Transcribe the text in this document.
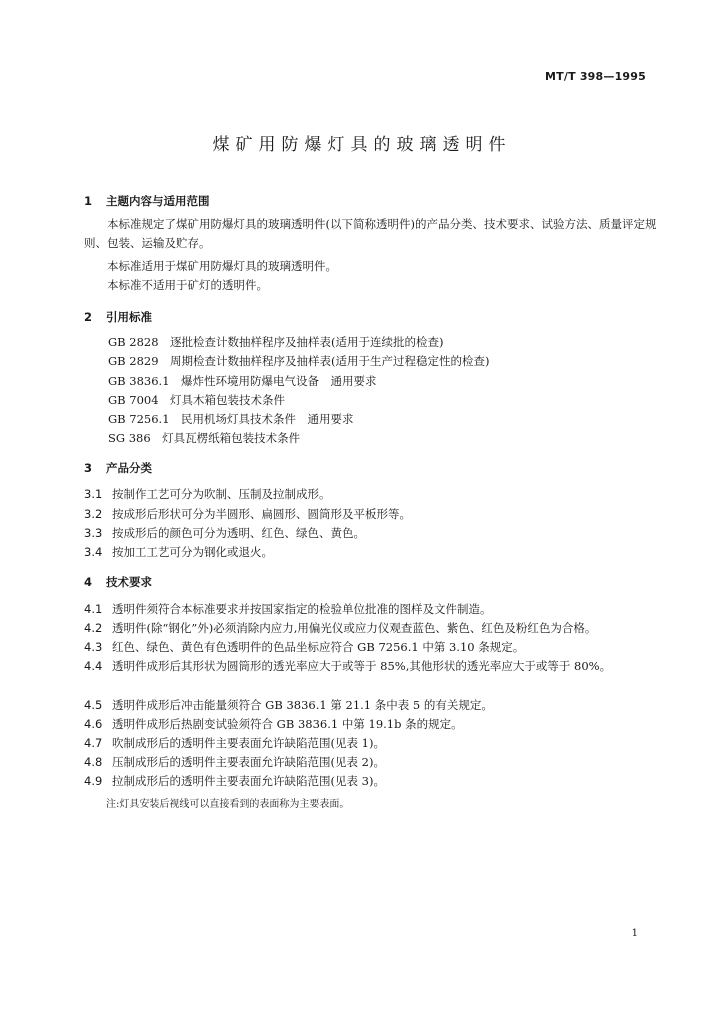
MT/T 398—1995
煤矿用防爆灯具的玻璃透明件
1 主题内容与适用范围
本标准规定了煤矿用防爆灯具的玻璃透明件(以下简称透明件)的产品分类、技术要求、试验方法、质量评定规则、包装、运输及贮存。
本标准适用于煤矿用防爆灯具的玻璃透明件。
本标准不适用于矿灯的透明件。
2 引用标准
GB 2828　逐批检查计数抽样程序及抽样表(适用于连续批的检查)
GB 2829　周期检查计数抽样程序及抽样表(适用于生产过程稳定性的检查)
GB 3836.1　爆炸性环境用防爆电气设备　通用要求
GB 7004　灯具木箱包装技术条件
GB 7256.1　民用机场灯具技术条件　通用要求
SG 386　灯具瓦楞纸箱包装技术条件
3 产品分类
3.1 按制作工艺可分为吹制、压制及拉制成形。
3.2 按成形后形状可分为半圆形、扁圆形、圆筒形及平板形等。
3.3 按成形后的颜色可分为透明、红色、绿色、黄色。
3.4 按加工工艺可分为钢化或退火。
4 技术要求
4.1 透明件须符合本标准要求并按国家指定的检验单位批准的图样及文件制造。
4.2 透明件(除“钢化”外)必须消除内应力,用偏光仪或应力仪观查蓝色、紫色、红色及粉红色为合格。
4.3 红色、绿色、黄色有色透明件的色品坐标应符合 GB 7256.1 中第 3.10 条规定。
4.4 透明件成形后其形状为圆筒形的透光率应大于或等于 85%,其他形状的透光率应大于或等于 80%。
4.5 透明件成形后冲击能量须符合 GB 3836.1 第 21.1 条中表 5 的有关规定。
4.6 透明件成形后热剧变试验须符合 GB 3836.1 中第 19.1b 条的规定。
4.7 吹制成形后的透明件主要表面允许缺陷范围(见表 1)。
4.8 压制成形后的透明件主要表面允许缺陷范围(见表 2)。
4.9 拉制成形后的透明件主要表面允许缺陷范围(见表 3)。
注:灯具安装后视线可以直接看到的表面称为主要表面。
1
